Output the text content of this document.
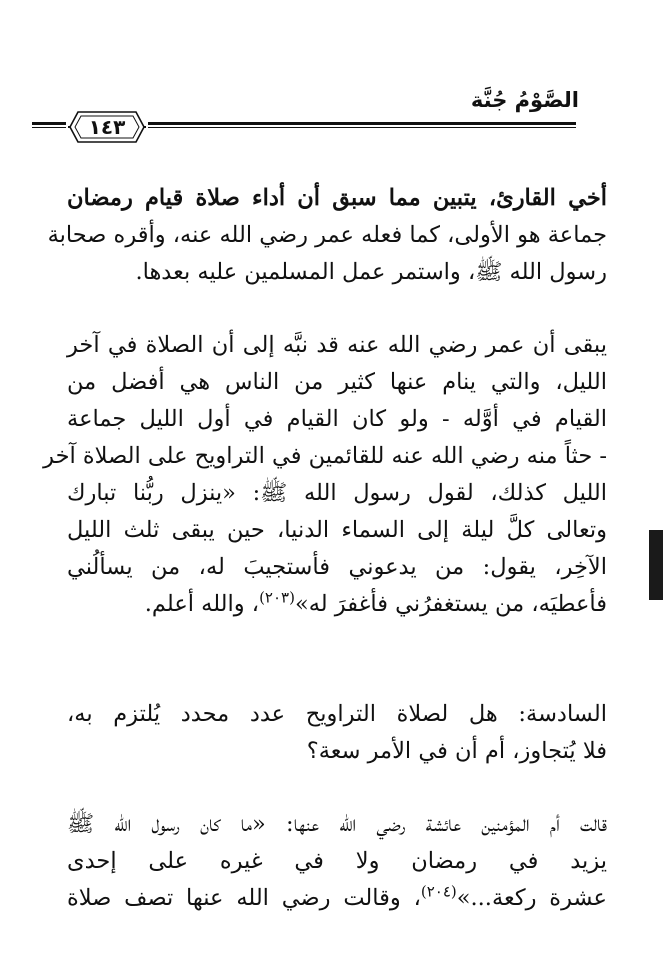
الصَّوْمُ جُنَّة
١٤٣
أخي القارئ، يتبين مما سبق أن أداء صلاة قيام رمضان
جماعة هو الأولى، كما فعله عمر رضي الله عنه، وأقره صحابة
رسول الله ﷺ، واستمر عمل المسلمين عليه بعدها.
يبقى أن عمر رضي الله عنه قد نبَّه إلى أن الصلاة في آخر
الليل، والتي ينام عنها كثير من الناس هي أفضل من
القيام في أوَّله - ولو كان القيام في أول الليل جماعة
- حثاً منه رضي الله عنه للقائمين في التراويح على الصلاة آخر
الليل كذلك، لقول رسول الله ﷺ: «ينزل ربُّنا تبارك
وتعالى كلَّ ليلة إلى السماء الدنيا، حين يبقى ثلث الليل
الآخِر، يقول: من يدعوني فأستجيبَ له، من يسألُني
فأعطيَه، من يستغفرُني فأغفرَ له»$^{(٢٠٣)}$، والله أعلم.
السادسة: هل لصلاة التراويح عدد محدد يُلتزم به،
فلا يُتجاوز، أم أن في الأمر سعة؟
قالت أم المؤمنين عائشة رضي الله عنها: «ما كان رسول الله ﷺ
يزيد في رمضان ولا في غيره على إحدى
عشرة ركعة...»$^{(٢٠٤)}$، وقالت رضي الله عنها تصف صلاة
